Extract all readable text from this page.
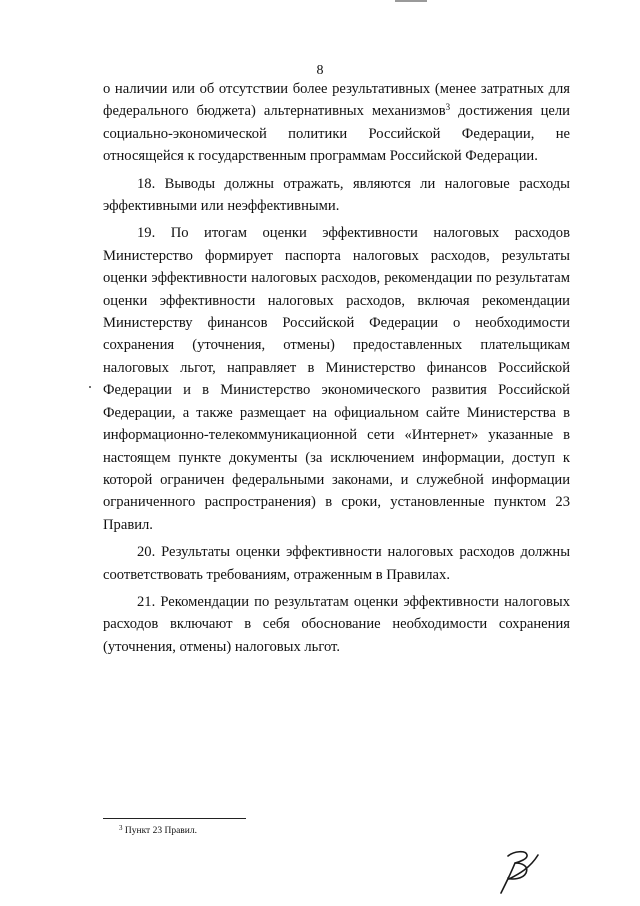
8

о наличии или об отсутствии более результативных (менее затратных для федерального бюджета) альтернативных механизмов$^3$ достижения цели социально-экономической политики Российской Федерации, не относящейся к государственным программам Российской Федерации.

18. Выводы должны отражать, являются ли налоговые расходы эффективными или неэффективными.

19. По итогам оценки эффективности налоговых расходов Министерство формирует паспорта налоговых расходов, результаты оценки эффективности налоговых расходов, рекомендации по результатам оценки эффективности налоговых расходов, включая рекомендации Министерству финансов Российской Федерации о необходимости сохранения (уточнения, отмены) предоставленных плательщикам налоговых льгот, направляет в Министерство финансов Российской Федерации и в Министерство экономического развития Российской Федерации, а также размещает на официальном сайте Министерства в информационно-телекоммуникационной сети «Интернет» указанные в настоящем пункте документы (за исключением информации, доступ к которой ограничен федеральными законами, и служебной информации ограниченного распространения) в сроки, установленные пунктом 23 Правил.

20. Результаты оценки эффективности налоговых расходов должны соответствовать требованиям, отраженным в Правилах.

21. Рекомендации по результатам оценки эффективности налоговых расходов включают в себя обоснование необходимости сохранения (уточнения, отмены) налоговых льгот.

$^3$ Пункт 23 Правил.
